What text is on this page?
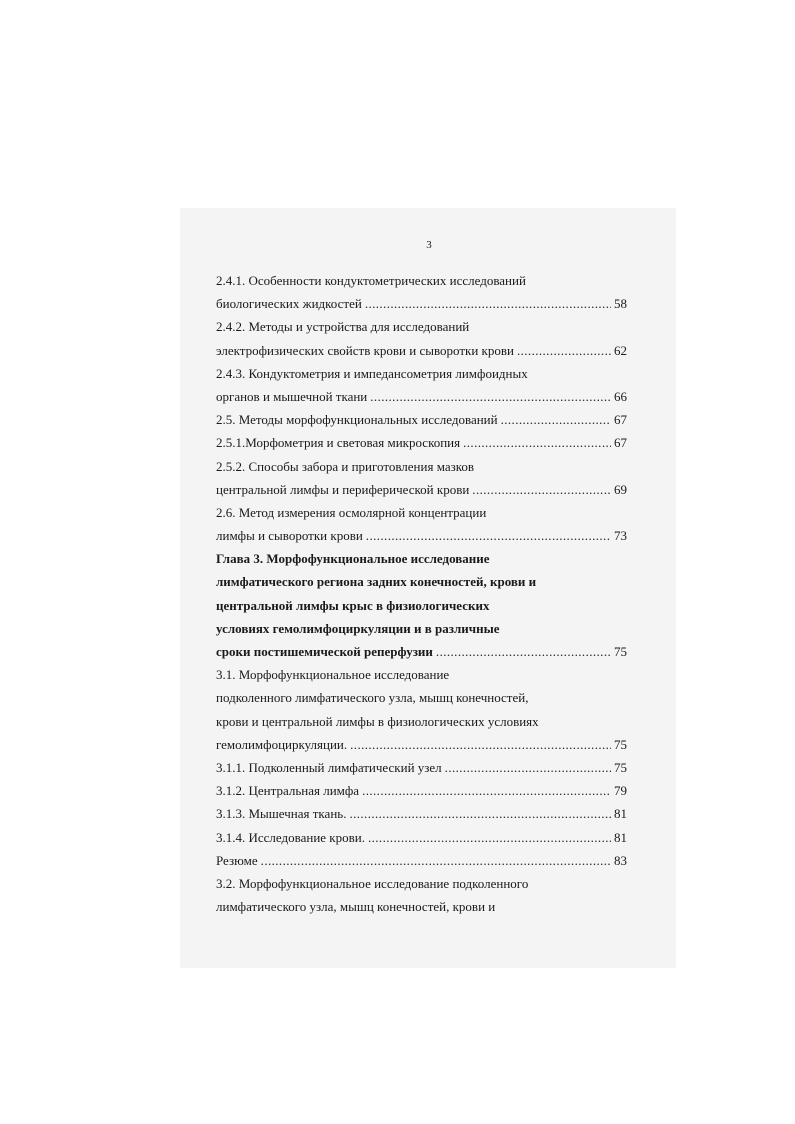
3
2.4.1. Особенности кондуктометрических исследований
биологических жидкостей .....	58
2.4.2. Методы и устройства для исследований
электрофизических свойств крови и сыворотки крови .....	62
2.4.3. Кондуктометрия и импедансометрия лимфоидных
органов и мышечной ткани .....	66
2.5. Методы морфофункциональных исследований .....	67
2.5.1.Морфометрия и световая микроскопия .....	67
2.5.2. Способы забора и приготовления мазков
центральной лимфы и периферической крови .....	69
2.6. Метод измерения осмолярной концентрации
лимфы и сыворотки крови .....	73
Глава 3. Морфофункциональное исследование
лимфатического региона задних конечностей, крови и
центральной лимфы крыс в физиологических
условиях гемолимфоциркуляции и в различные
сроки постишемической реперфузии .....	75
3.1. Морфофункциональное исследование
подколенного лимфатического узла, мышц конечностей,
крови и центральной лимфы в физиологических условиях
гемолимфоциркуляции. .....	75
3.1.1. Подколенный лимфатический узел .....	75
3.1.2. Центральная лимфа .....	79
3.1.3. Мышечная ткань. .....	81
3.1.4. Исследование крови. .....	81
Резюме .....	83
3.2. Морфофункциональное исследование подколенного
лимфатического узла, мышц конечностей, крови и
